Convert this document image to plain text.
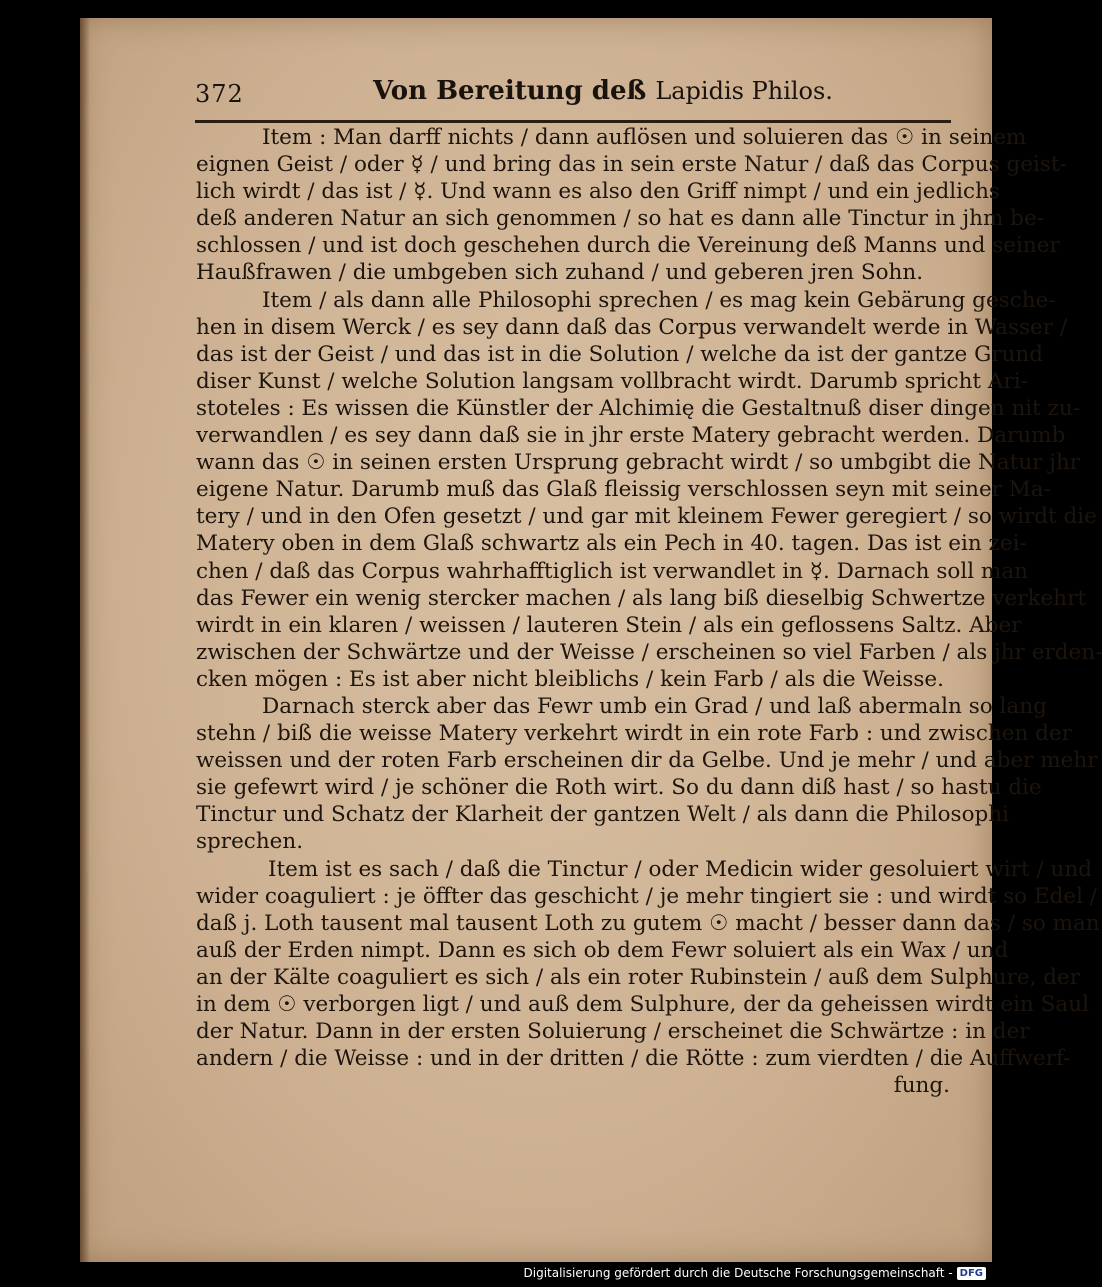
372	Von Bereitung deß Lapidis Philos.
Item : Man darff nichts / dann auflösen und soluieren das ☉ in seinem
eignen Geist / oder ☿ / und bring das in sein erste Natur / daß das Corpus geist-
lich wirdt / das ist / ☿. Und wann es also den Griff nimpt / und ein jedlichs
deß anderen Natur an sich genommen / so hat es dann alle Tinctur in jhm be-
schlossen / und ist doch geschehen durch die Vereinung deß Manns und seiner
Haußfrawen / die umbgeben sich zuhand / und geberen jren Sohn.
Item / als dann alle Philosophi sprechen / es mag kein Gebärung gesche-
hen in disem Werck / es sey dann daß das Corpus verwandelt werde in Wasser /
das ist der Geist / und das ist in die Solution / welche da ist der gantze Grund
diser Kunst / welche Solution langsam vollbracht wirdt. Darumb spricht Ari-
stoteles : Es wissen die Künstler der Alchimię die Gestaltnuß diser dingen nit zu-
verwandlen / es sey dann daß sie in jhr erste Matery gebracht werden. Darumb
wann das ☉ in seinen ersten Ursprung gebracht wirdt / so umbgibt die Natur jhr
eigene Natur. Darumb muß das Glaß fleissig verschlossen seyn mit seiner Ma-
tery / und in den Ofen gesetzt / und gar mit kleinem Fewer geregiert / so wirdt die
Matery oben in dem Glaß schwartz als ein Pech in 40. tagen. Das ist ein zei-
chen / daß das Corpus wahrhafftiglich ist verwandlet in ☿. Darnach soll man
das Fewer ein wenig stercker machen / als lang biß dieselbig Schwertze verkehrt
wirdt in ein klaren / weissen / lauteren Stein / als ein geflossens Saltz. Aber
zwischen der Schwärtze und der Weisse / erscheinen so viel Farben / als jhr erden-
cken mögen : Es ist aber nicht bleiblichs / kein Farb / als die Weisse.
Darnach sterck aber das Fewr umb ein Grad / und laß abermaln so lang
stehn / biß die weisse Matery verkehrt wirdt in ein rote Farb : und zwischen der
weissen und der roten Farb erscheinen dir da Gelbe. Und je mehr / und aber mehr
sie gefewrt wird / je schöner die Roth wirt. So du dann diß hast / so hastu die
Tinctur und Schatz der Klarheit der gantzen Welt / als dann die Philosophi
sprechen.
Item ist es sach / daß die Tinctur / oder Medicin wider gesoluiert wirt / und
wider coaguliert : je öffter das geschicht / je mehr tingiert sie : und wirdt so Edel /
daß j. Loth tausent mal tausent Loth zu gutem ☉ macht / besser dann das / so man
auß der Erden nimpt. Dann es sich ob dem Fewr soluiert als ein Wax / und
an der Kälte coaguliert es sich / als ein roter Rubinstein / auß dem Sulphure, der
in dem ☉ verborgen ligt / und auß dem Sulphure, der da geheissen wirdt ein Saul
der Natur. Dann in der ersten Soluierung / erscheinet die Schwärtze : in der
andern / die Weisse : und in der dritten / die Rötte : zum vierdten / die Auffwerf-
fung.
Digitalisierung gefördert durch die Deutsche Forschungsgemeinschaft - DFG
